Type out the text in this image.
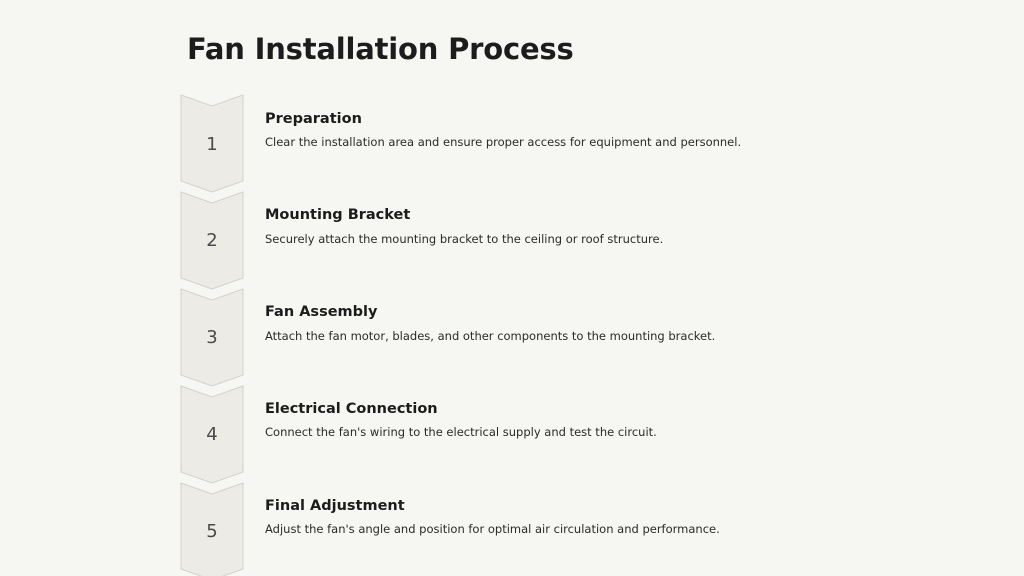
Fan Installation Process
1
Preparation
Clear the installation area and ensure proper access for equipment and personnel.
2
Mounting Bracket
Securely attach the mounting bracket to the ceiling or roof structure.
3
Fan Assembly
Attach the fan motor, blades, and other components to the mounting bracket.
4
Electrical Connection
Connect the fan's wiring to the electrical supply and test the circuit.
5
Final Adjustment
Adjust the fan's angle and position for optimal air circulation and performance.
